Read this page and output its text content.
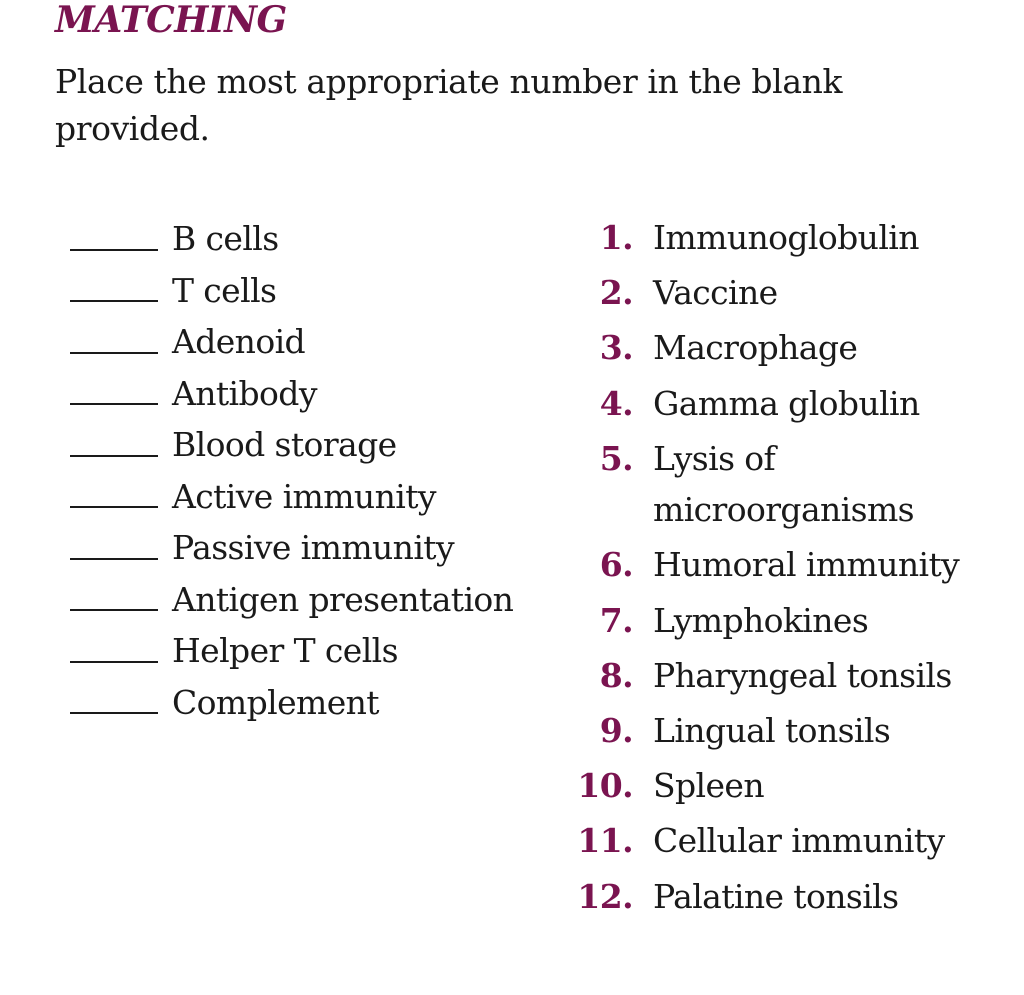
MATCHING

Place the most appropriate number in the blank provided.

B cells
T cells
Adenoid
Antibody
Blood storage
Active immunity
Passive immunity
Antigen presentation
Helper T cells
Complement
1. Immunoglobulin
2. Vaccine
3. Macrophage
4. Gamma globulin
5. Lysis of microorganisms
6. Humoral immunity
7. Lymphokines
8. Pharyngeal tonsils
9. Lingual tonsils
10. Spleen
11. Cellular immunity
12. Palatine tonsils
